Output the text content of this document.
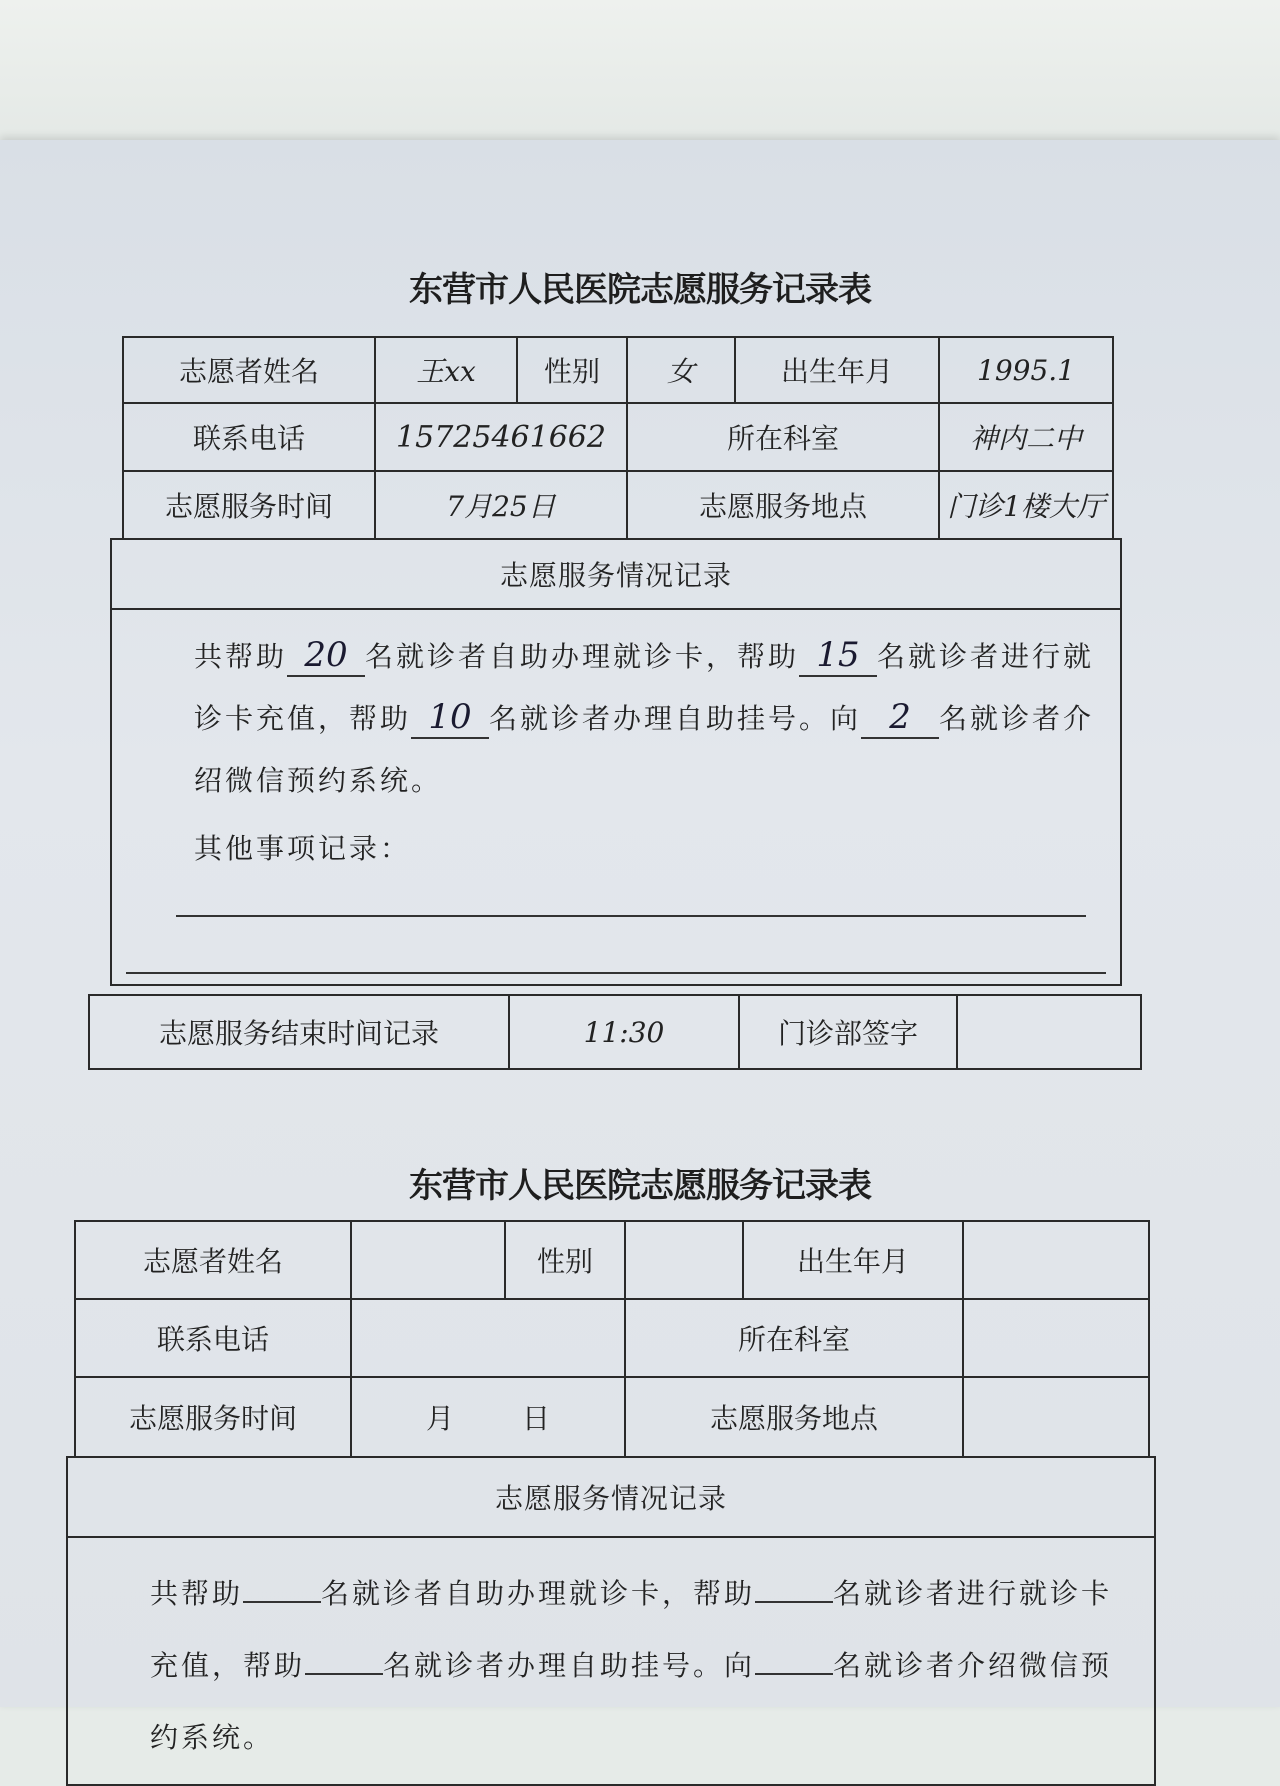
东营市人民医院志愿服务记录表
志愿者姓名	王xx	性别	女	出生年月	1995.1
联系电话	15725461662		所在科室		神内二中
志愿服务时间	7月25日		志愿服务地点		门诊1楼大厅
志愿服务情况记录

共帮助 20 名就诊者自助办理就诊卡，帮助 15 名就诊者进行就诊卡充值，帮助 10 名就诊者办理自助挂号。向 2 名就诊者介绍微信预约系统。
其他事项记录：
志愿服务结束时间记录	11:30	门诊部签字	
东营市人民医院志愿服务记录表
志愿者姓名		性别		出生年月	
联系电话			所在科室		
志愿服务时间	月 日		志愿服务地点		
志愿服务情况记录

共帮助	名就诊者自助办理就诊卡，帮助	名就诊者进行就诊卡充值，帮助	名就诊者办理自助挂号。向	名就诊者介绍微信预约系统。
